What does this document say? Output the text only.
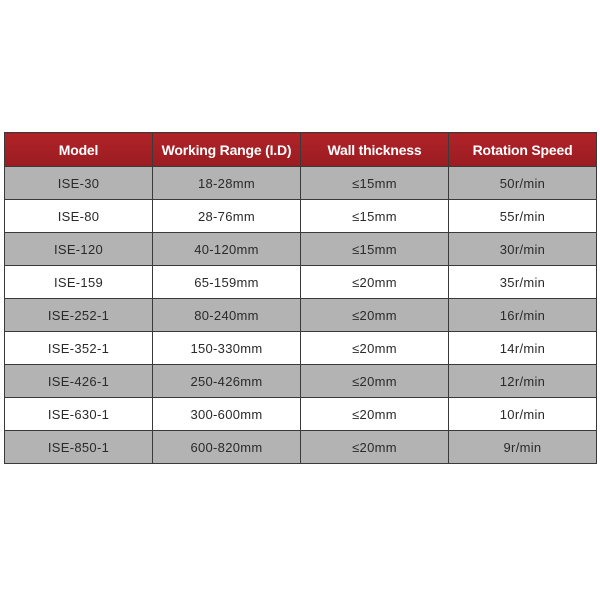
Model	Working Range (I.D)	Wall thickness	Rotation Speed
ISE-30	18-28mm	≤15mm	50r/min
ISE-80	28-76mm	≤15mm	55r/min
ISE-120	40-120mm	≤15mm	30r/min
ISE-159	65-159mm	≤20mm	35r/min
ISE-252-1	80-240mm	≤20mm	16r/min
ISE-352-1	150-330mm	≤20mm	14r/min
ISE-426-1	250-426mm	≤20mm	12r/min
ISE-630-1	300-600mm	≤20mm	10r/min
ISE-850-1	600-820mm	≤20mm	9r/min
